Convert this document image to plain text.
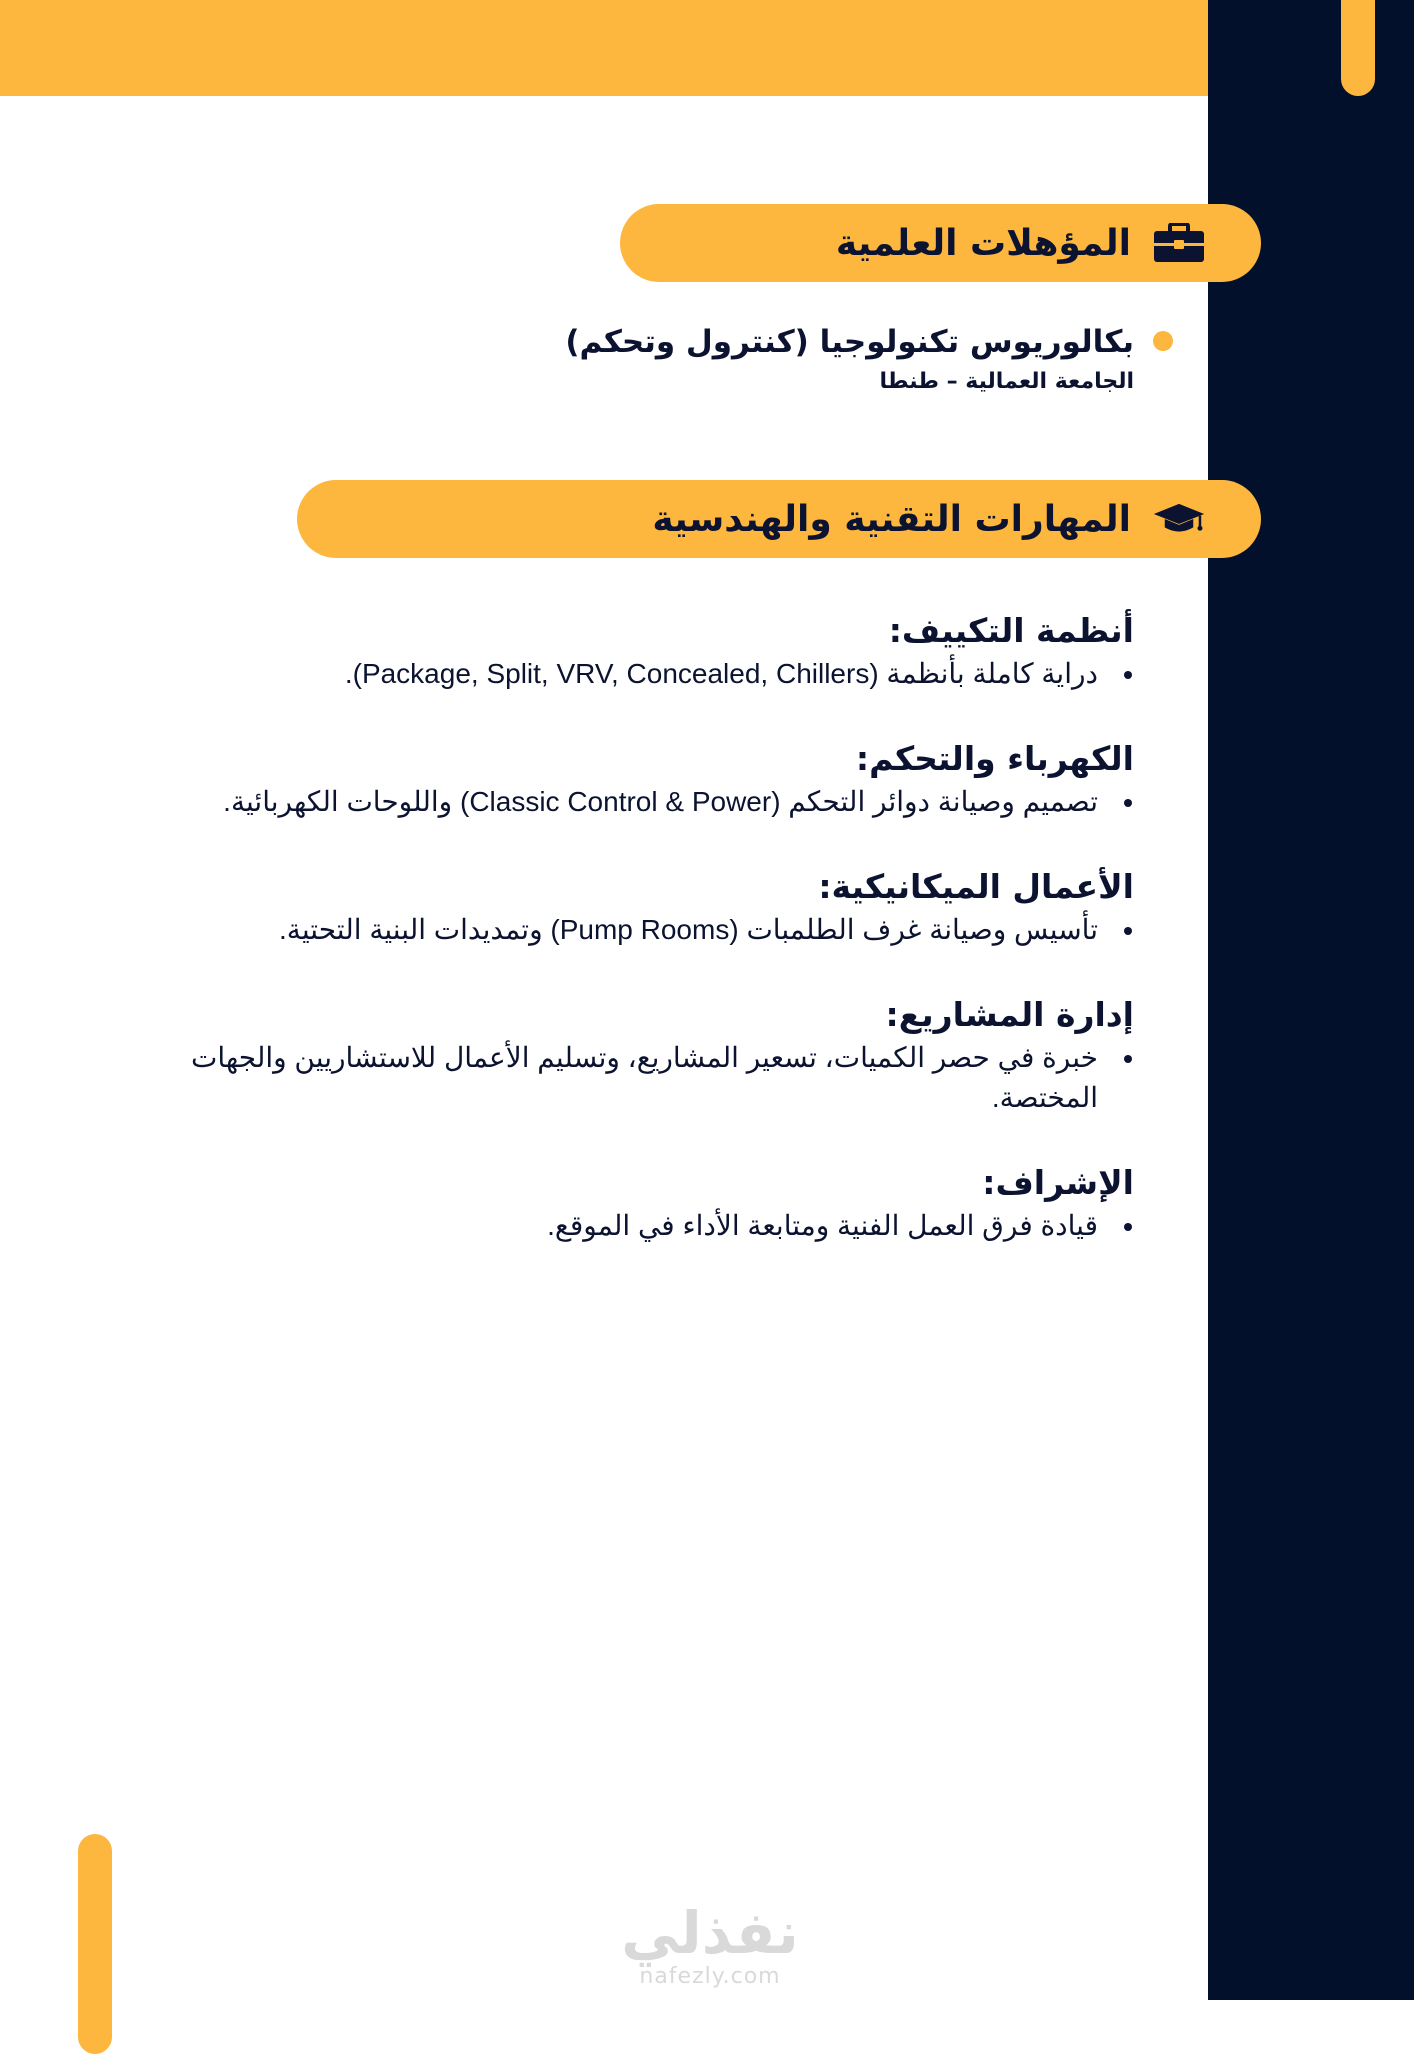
المؤهلات العلمية
بكالوريوس تكنولوجيا (كنترول وتحكم)
الجامعة العمالية – طنطا
المهارات التقنية والهندسية
أنظمة التكييف:
دراية كاملة بأنظمة (Package, Split, VRV, Concealed, Chillers).
الكهرباء والتحكم:
تصميم وصيانة دوائر التحكم (Classic Control & Power) واللوحات الكهربائية.
الأعمال الميكانيكية:
تأسيس وصيانة غرف الطلمبات (Pump Rooms) وتمديدات البنية التحتية.
إدارة المشاريع:
خبرة في حصر الكميات، تسعير المشاريع، وتسليم الأعمال للاستشاريين والجهات المختصة.
الإشراف:
قيادة فرق العمل الفنية ومتابعة الأداء في الموقع.
نفذلي
nafezly.com
